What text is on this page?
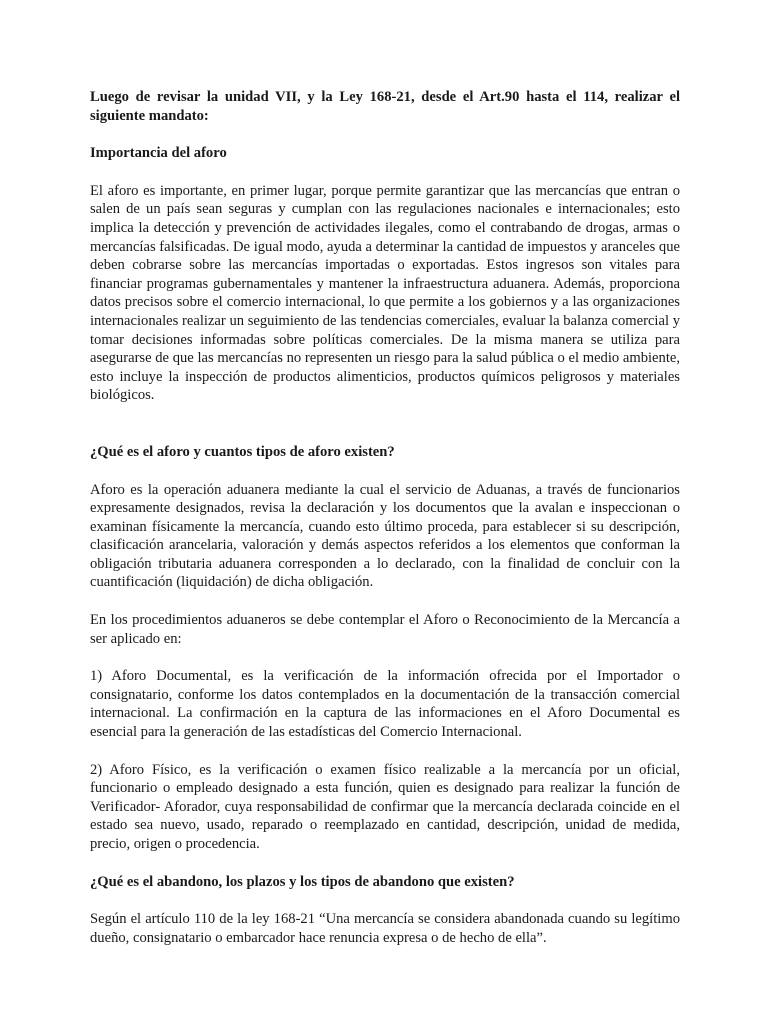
Luego de revisar la unidad VII, y la Ley 168-21, desde el Art.90 hasta el 114, realizar el siguiente mandato:

Importancia del aforo

El aforo es importante, en primer lugar, porque permite garantizar que las mercancías que entran o salen de un país sean seguras y cumplan con las regulaciones nacionales e internacionales; esto implica la detección y prevención de actividades ilegales, como el contrabando de drogas, armas o mercancías falsificadas. De igual modo, ayuda a determinar la cantidad de impuestos y aranceles que deben cobrarse sobre las mercancías importadas o exportadas. Estos ingresos son vitales para financiar programas gubernamentales y mantener la infraestructura aduanera. Además, proporciona datos precisos sobre el comercio internacional, lo que permite a los gobiernos y a las organizaciones internacionales realizar un seguimiento de las tendencias comerciales, evaluar la balanza comercial y tomar decisiones informadas sobre políticas comerciales. De la misma manera se utiliza para asegurarse de que las mercancías no representen un riesgo para la salud pública o el medio ambiente, esto incluye la inspección de productos alimenticios, productos químicos peligrosos y materiales biológicos.

¿Qué es el aforo y cuantos tipos de aforo existen?

Aforo es la operación aduanera mediante la cual el servicio de Aduanas, a través de funcionarios expresamente designados, revisa la declaración y los documentos que la avalan e inspeccionan o examinan físicamente la mercancía, cuando esto último proceda, para establecer si su descripción, clasificación arancelaria, valoración y demás aspectos referidos a los elementos que conforman la obligación tributaria aduanera corresponden a lo declarado, con la finalidad de concluir con la cuantificación (liquidación) de dicha obligación.

En los procedimientos aduaneros se debe contemplar el Aforo o Reconocimiento de la Mercancía a ser aplicado en:

1) Aforo Documental, es la verificación de la información ofrecida por el Importador o consignatario, conforme los datos contemplados en la documentación de la transacción comercial internacional. La confirmación en la captura de las informaciones en el Aforo Documental es esencial para la generación de las estadísticas del Comercio Internacional.

2) Aforo Físico, es la verificación o examen físico realizable a la mercancía por un oficial, funcionario o empleado designado a esta función, quien es designado para realizar la función de Verificador- Aforador, cuya responsabilidad de confirmar que la mercancía declarada coincide en el estado sea nuevo, usado, reparado o reemplazado en cantidad, descripción, unidad de medida, precio, origen o procedencia.

¿Qué es el abandono, los plazos y los tipos de abandono que existen?

Según el artículo 110 de la ley 168-21 “Una mercancía se considera abandonada cuando su legítimo dueño, consignatario o embarcador hace renuncia expresa o de hecho de ella”.
